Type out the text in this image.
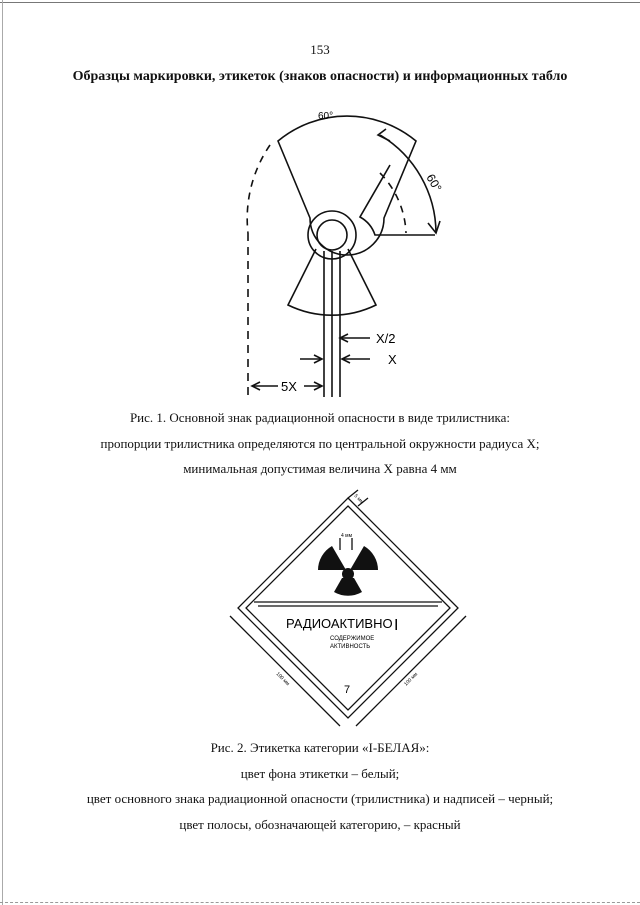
153
Образцы маркировки, этикеток (знаков опасности) и информационных табло
60°
60°
X/2
X
5X
Рис. 1. Основной знак радиационной опасности в виде трилистника:
пропорции трилистника определяются по центральной окружности радиуса X;
минимальная допустимая величина X равна 4 мм
5 мм
4 мм
РАДИОАКТИВНО I
СОДЕРЖИМОЕ
АКТИВНОСТЬ
7
100 мм	100 мм
Рис. 2. Этикетка категории «I-БЕЛАЯ»:
цвет фона этикетки – белый;
цвет основного знака радиационной опасности (трилистника) и надписей – черный;
цвет полосы, обозначающей категорию, – красный
